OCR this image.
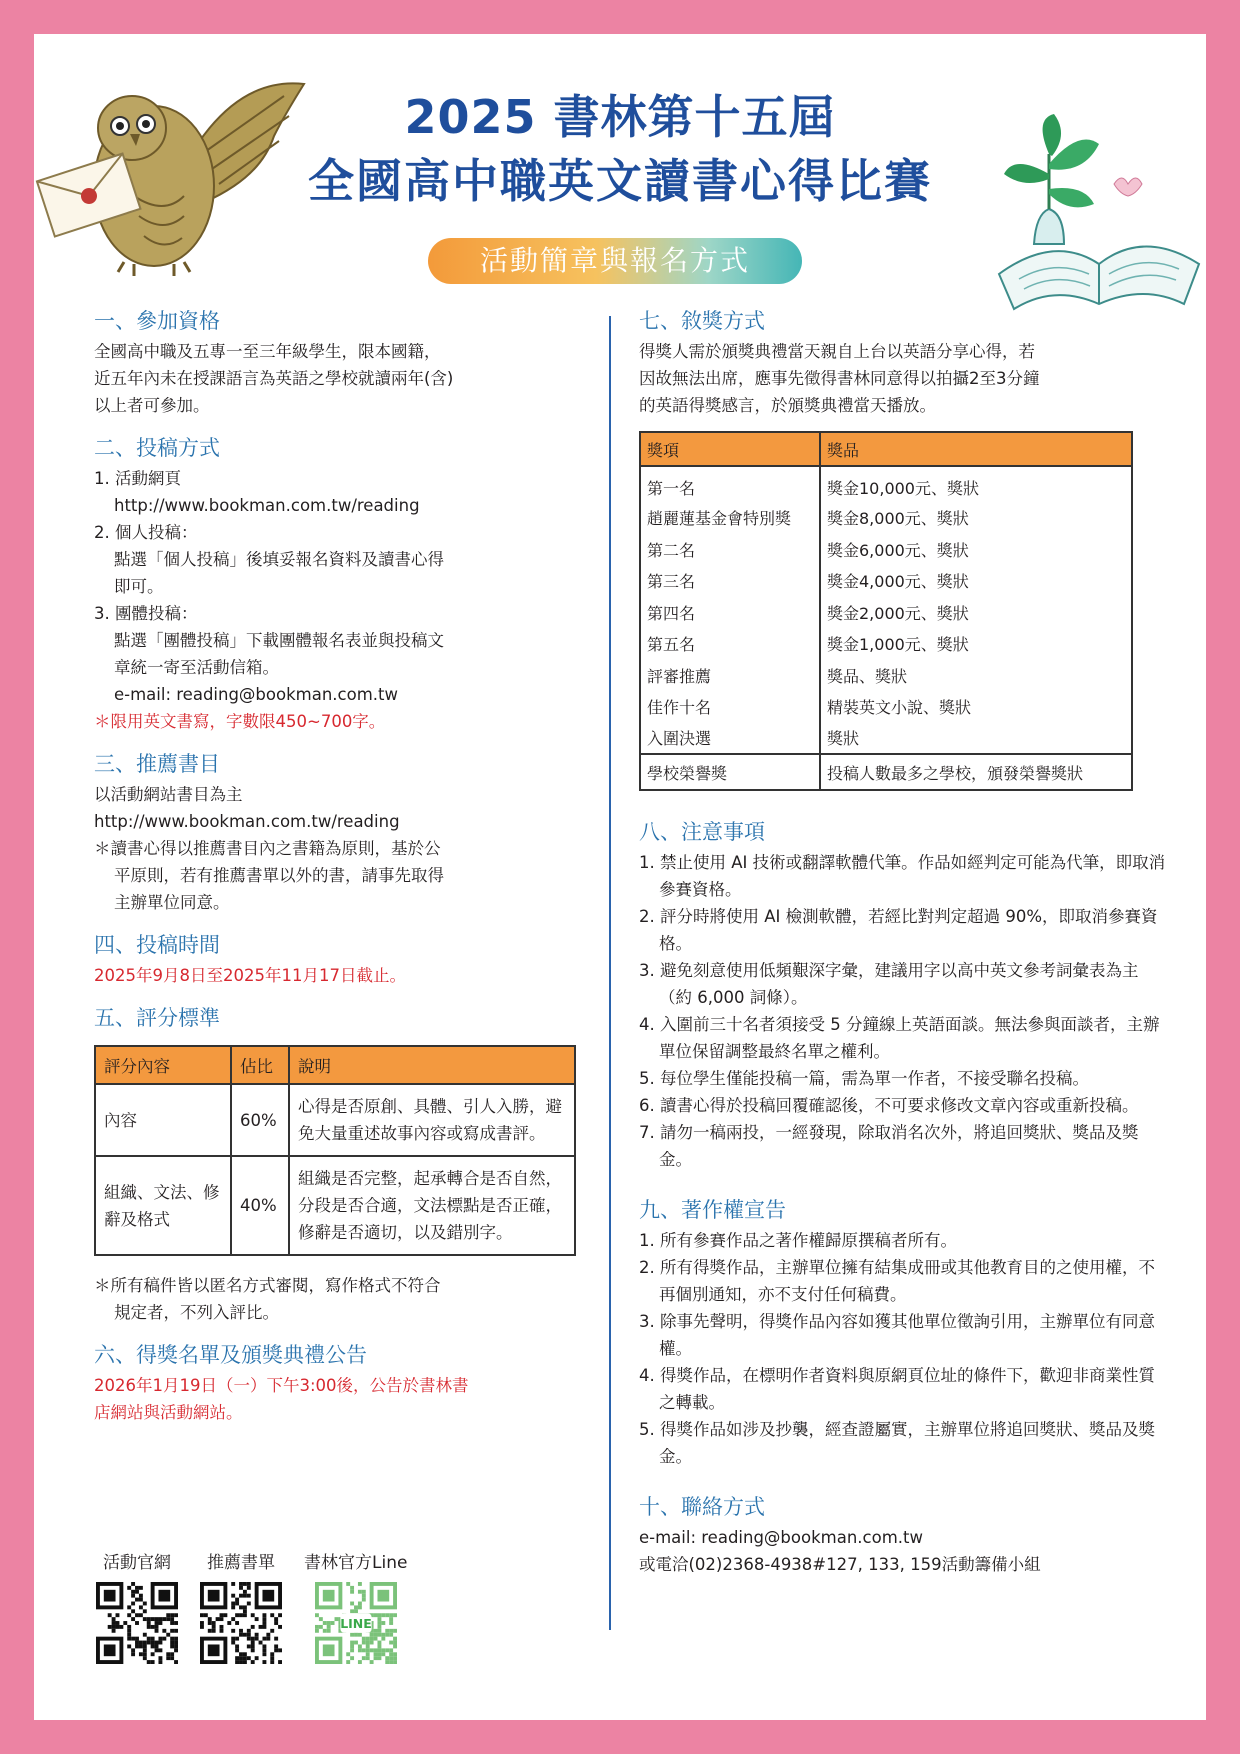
2025 書林第十五屆
全國高中職英文讀書心得比賽
活動簡章與報名方式
一、參加資格
全國高中職及五專一至三年級學生，限本國籍，
近五年內未在授課語言為英語之學校就讀兩年(含)
以上者可參加。
二、投稿方式
1. 活動網頁
http://www.bookman.com.tw/reading
2. 個人投稿：
點選「個人投稿」後填妥報名資料及讀書心得
即可。
3. 團體投稿：
點選「團體投稿」下載團體報名表並與投稿文
章統一寄至活動信箱。
e-mail: reading@bookman.com.tw
＊限用英文書寫，字數限450~700字。
三、推薦書目
以活動網站書目為主
http://www.bookman.com.tw/reading
＊讀書心得以推薦書目內之書籍為原則，基於公
平原則，若有推薦書單以外的書，請事先取得
主辦單位同意。
四、投稿時間
2025年9月8日至2025年11月17日截止。
五、評分標準
評分內容	佔比	說明
內容	60%	心得是否原創、具體、引人入勝，避免大量重述故事內容或寫成書評。
組織、文法、修辭及格式	40%	組織是否完整，起承轉合是否自然，分段是否合適，文法標點是否正確，修辭是否適切，以及錯別字。
＊所有稿件皆以匿名方式審閱，寫作格式不符合
規定者，不列入評比。
六、得獎名單及頒獎典禮公告
2026年1月19日（一）下午3:00後，公告於書林書
店網站與活動網站。
活動官網 推薦書單 書林官方Line
LINE
七、敘獎方式
得獎人需於頒獎典禮當天親自上台以英語分享心得，若
因故無法出席，應事先徵得書林同意得以拍攝2至3分鐘
的英語得獎感言，於頒獎典禮當天播放。
獎項	獎品
第一名	獎金10,000元、獎狀
趙麗蓮基金會特別獎	獎金8,000元、獎狀
第二名	獎金6,000元、獎狀
第三名	獎金4,000元、獎狀
第四名	獎金2,000元、獎狀
第五名	獎金1,000元、獎狀
評審推薦	獎品、獎狀
佳作十名	精裝英文小說、獎狀
入圍決選	獎狀
學校榮譽獎	投稿人數最多之學校，頒發榮譽獎狀
八、注意事項
1. 禁止使用 AI 技術或翻譯軟體代筆。作品如經判定可能為代筆，即取消參賽資格。
2. 評分時將使用 AI 檢測軟體，若經比對判定超過 90%，即取消參賽資格。
3. 避免刻意使用低頻艱深字彙，建議用字以高中英文參考詞彙表為主（約 6,000 詞條）。
4. 入圍前三十名者須接受 5 分鐘線上英語面談。無法參與面談者，主辦單位保留調整最終名單之權利。
5. 每位學生僅能投稿一篇，需為單一作者，不接受聯名投稿。
6. 讀書心得於投稿回覆確認後，不可要求修改文章內容或重新投稿。
7. 請勿一稿兩投，一經發現，除取消名次外，將追回獎狀、獎品及獎金。
九、著作權宣告
1. 所有參賽作品之著作權歸原撰稿者所有。
2. 所有得獎作品，主辦單位擁有結集成冊或其他教育目的之使用權，不再個別通知，亦不支付任何稿費。
3. 除事先聲明，得獎作品內容如獲其他單位徵詢引用，主辦單位有同意權。
4. 得獎作品，在標明作者資料與原網頁位址的條件下，歡迎非商業性質之轉載。
5. 得獎作品如涉及抄襲，經查證屬實，主辦單位將追回獎狀、獎品及獎金。
十、聯絡方式
e-mail: reading@bookman.com.tw
或電洽(02)2368-4938#127, 133, 159活動籌備小組
